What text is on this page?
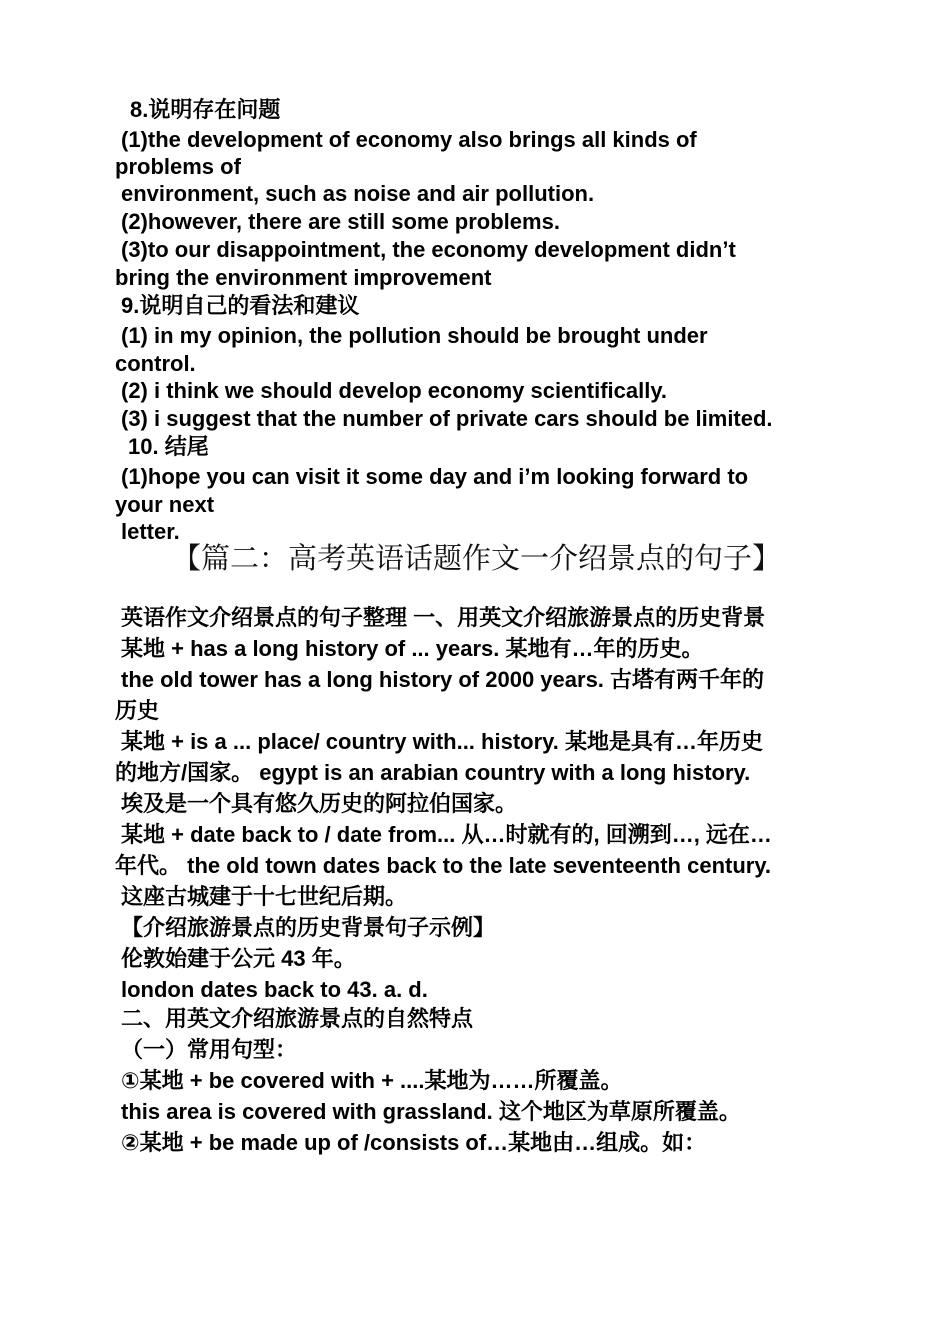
8.说明存在问题
(1)the development of economy also brings all kinds of
problems of
environment, such as noise and air pollution.
(2)however, there are still some problems.
(3)to our disappointment, the economy development didn’t
bring the environment improvement
9.说明自己的看法和建议
(1) in my opinion, the pollution should be brought under
control.
(2) i think we should develop economy scientifically.
(3) i suggest that the number of private cars should be limited.
10. 结尾
(1)hope you can visit it some day and i’m looking forward to
your next
letter.
【篇二：高考英语话题作文一介绍景点的句子】
英语作文介绍景点的句子整理 一、用英文介绍旅游景点的历史背景
某地 + has a long history of ... years. 某地有…年的历史。
the old tower has a long history of 2000 years. 古塔有两千年的
历史
某地 + is a ... place/ country with... history. 某地是具有…年历史
的地方/国家。 egypt is an arabian country with a long history.
埃及是一个具有悠久历史的阿拉伯国家。
某地 + date back to / date from... 从…时就有的, 回溯到…, 远在…
年代。 the old town dates back to the late seventeenth century.
这座古城建于十七世纪后期。
【介绍旅游景点的历史背景句子示例】
伦敦始建于公元 43 年。
london dates back to 43. a. d.
二、用英文介绍旅游景点的自然特点
（一）常用句型：
①某地 + be covered with + ....某地为……所覆盖。
this area is covered with grassland. 这个地区为草原所覆盖。
②某地 + be made up of /consists of…某地由…组成。如：
